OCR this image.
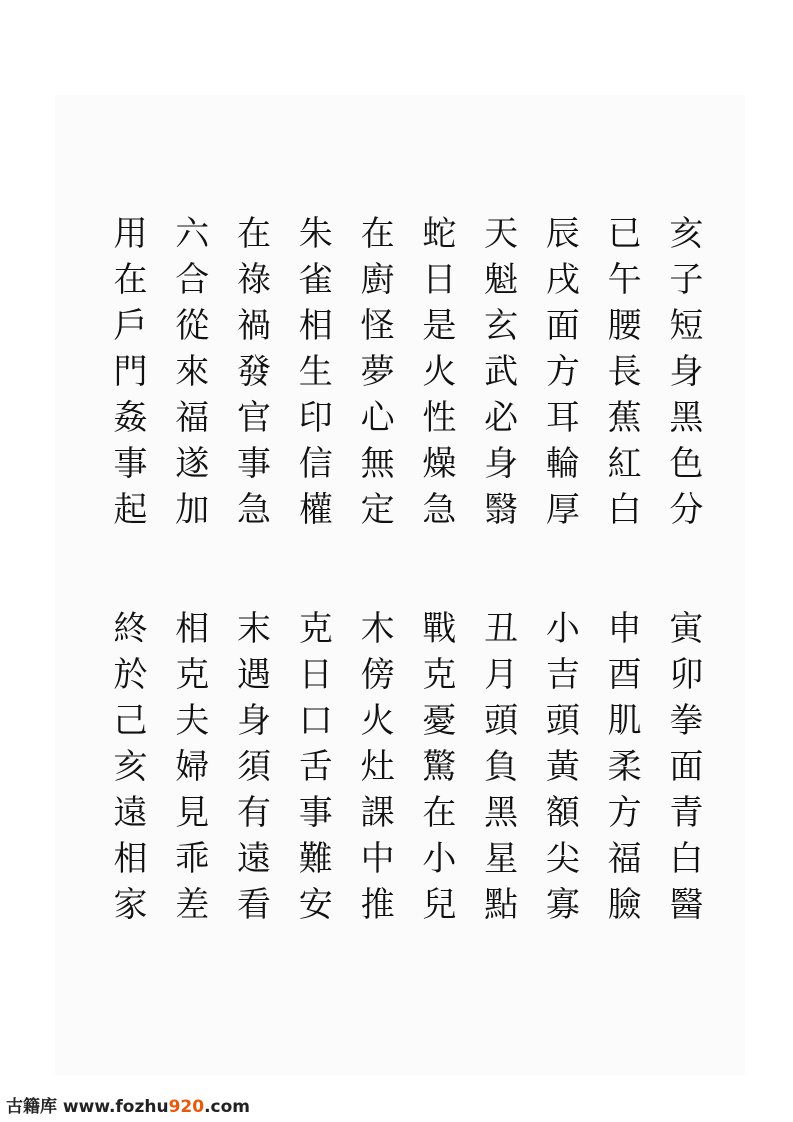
亥子短身黑色分
已午腰長蕉紅白
辰戌面方耳輪厚
天魁玄武必身翳
蛇日是火性燥急
在廚怪夢心無定
朱雀相生印信權
在祿禍發官事急
六合從來福遂加
用在戶門姦事起
寅卯拳面青白醫
申酉肌柔方福臉
小吉頭黃額尖寡
丑月頭負黑星點
戰克憂驚在小兒
木傍火灶課中推
克日口舌事難安
末遇身須有遠看
相克夫婦見乖差
終於己亥遠相家
古籍库 www.fozhu920.com
